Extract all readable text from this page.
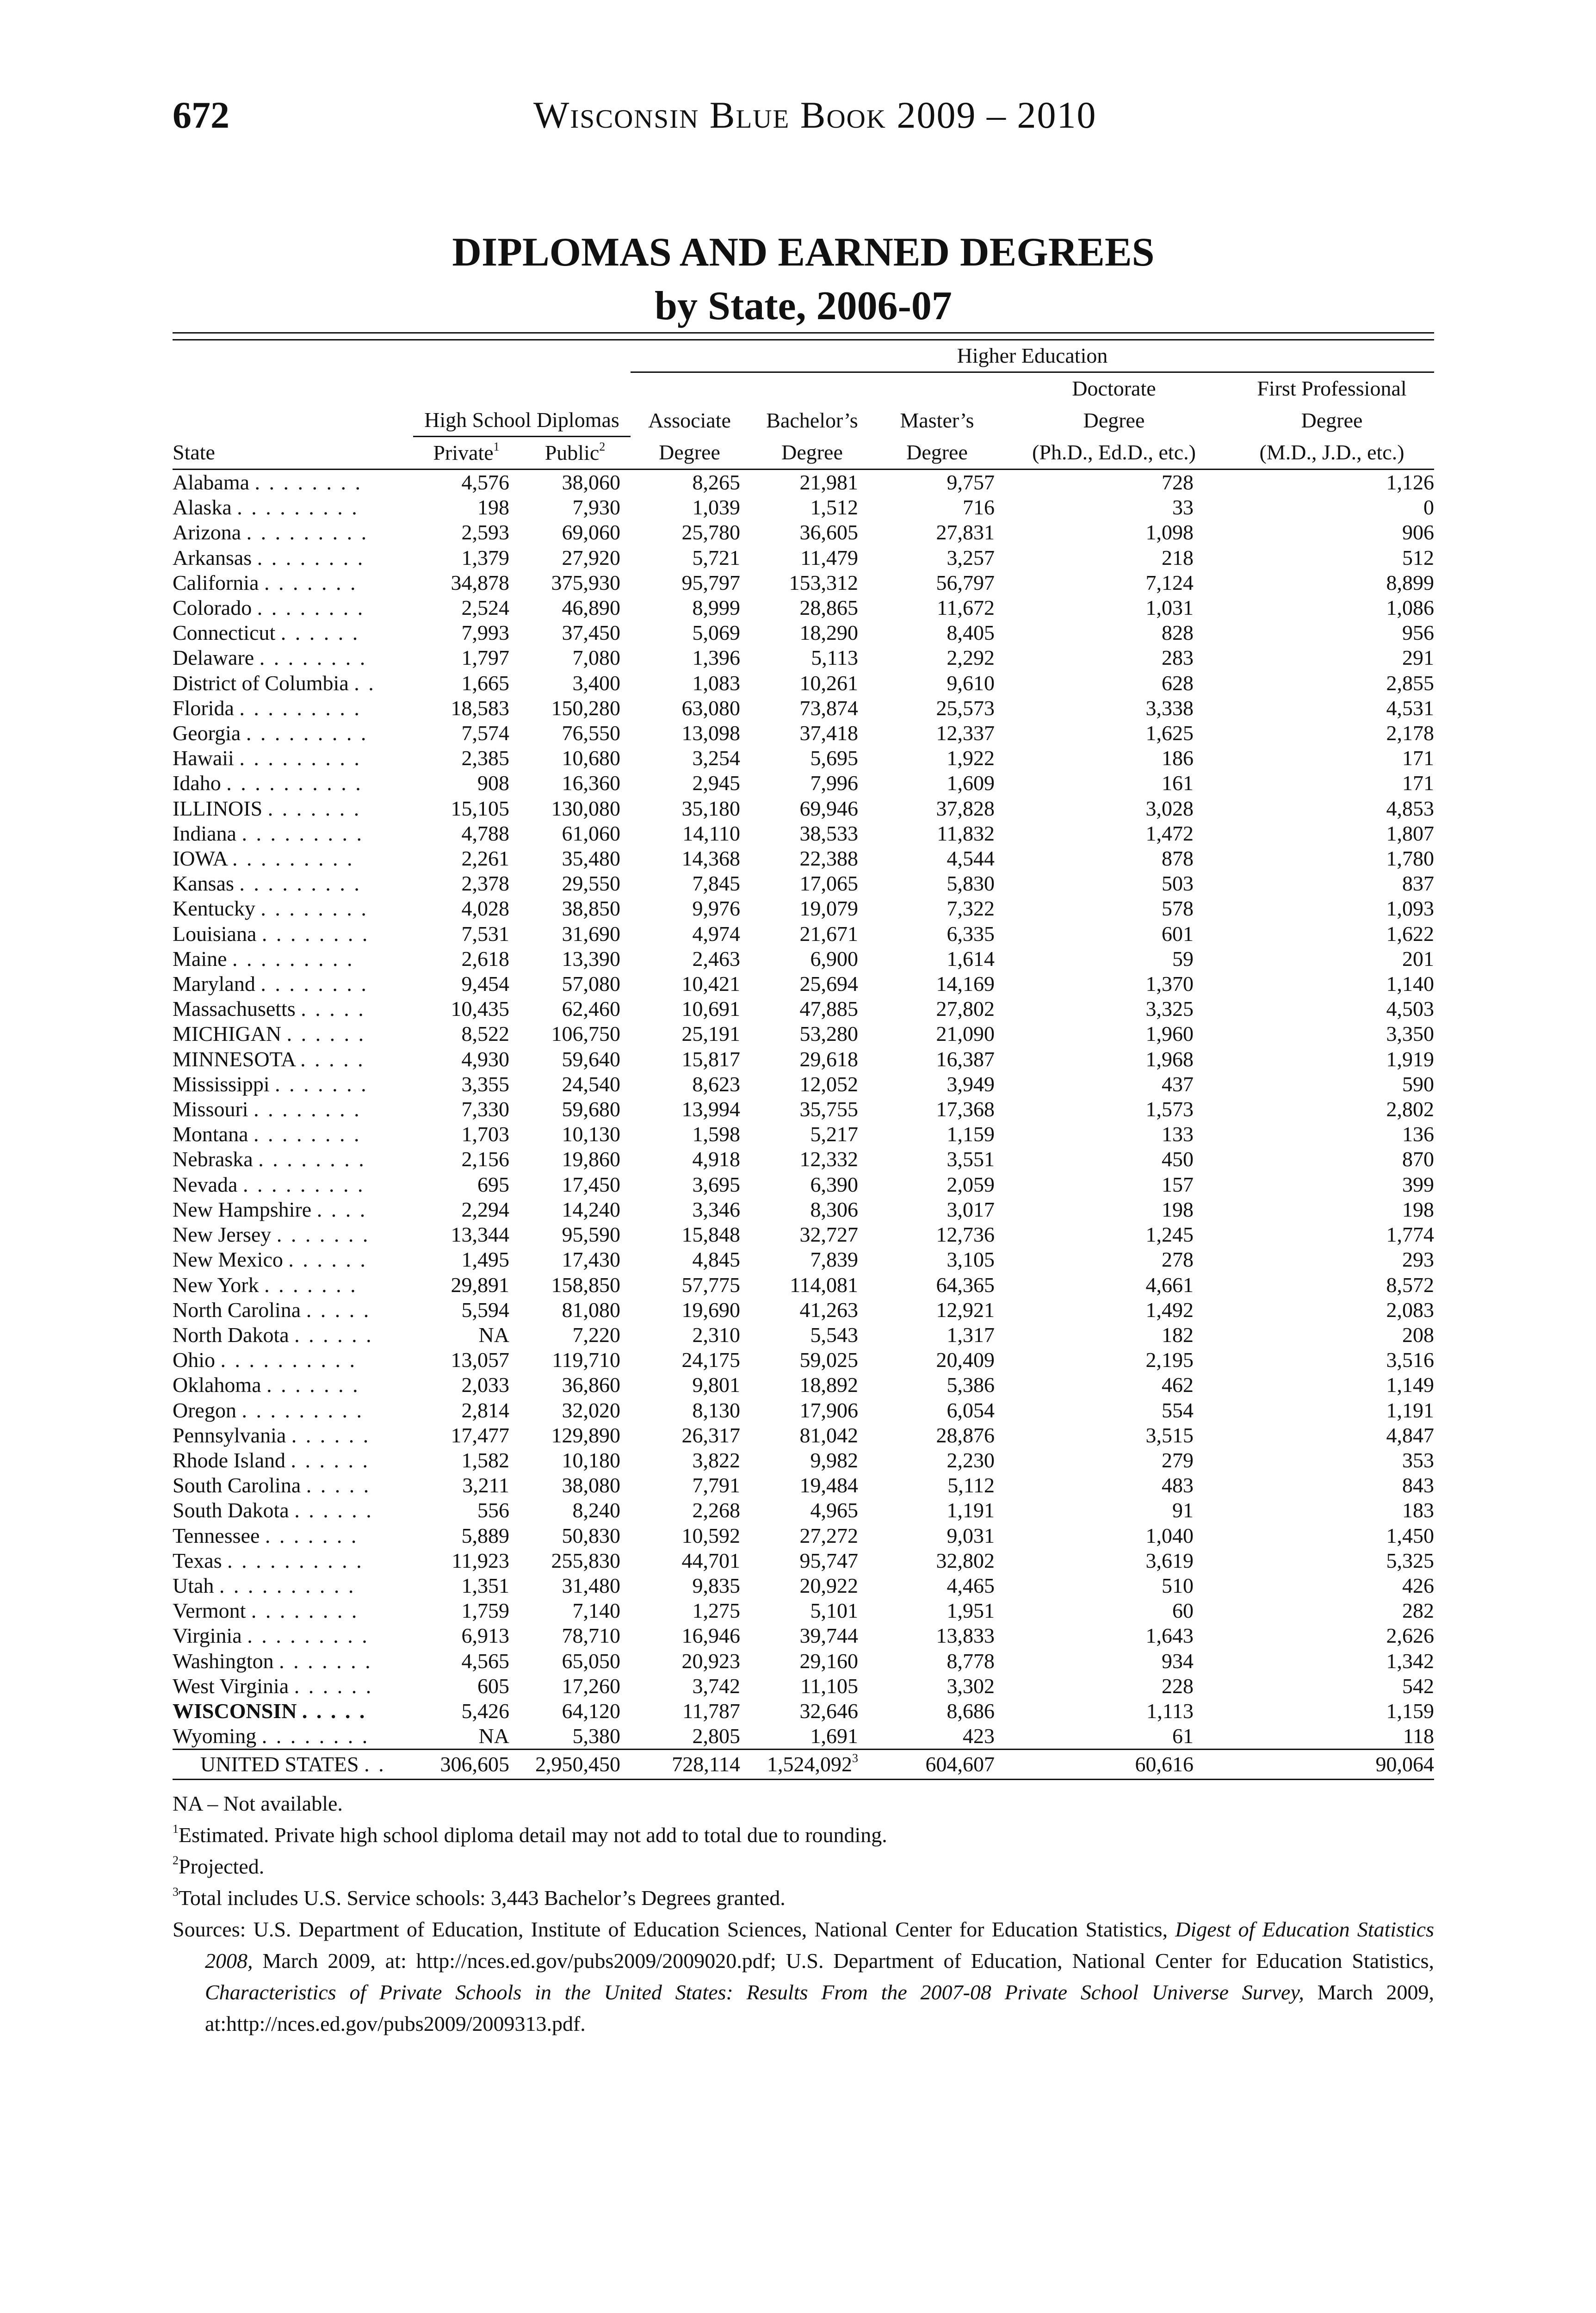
672	Wisconsin Blue Book 2009 – 2010
DIPLOMAS AND EARNED DEGREES
by State, 2006-07
			Higher Education				
						Doctorate	First Professional
	High School Diplomas		Associate	Bachelor’s	Master’s	Degree	Degree
State	Private$^1$	Public$^2$	Degree	Degree	Degree	(Ph.D., Ed.D., etc.)	(M.D., J.D., etc.)
Alabama . . . . . . . .	4,576	38,060	8,265	21,981	9,757	728	1,126
Alaska . . . . . . . . .	198	7,930	1,039	1,512	716	33	0
Arizona . . . . . . . . .	2,593	69,060	25,780	36,605	27,831	1,098	906
Arkansas . . . . . . . .	1,379	27,920	5,721	11,479	3,257	218	512
California . . . . . . .	34,878	375,930	95,797	153,312	56,797	7,124	8,899
Colorado . . . . . . . .	2,524	46,890	8,999	28,865	11,672	1,031	1,086
Connecticut . . . . . .	7,993	37,450	5,069	18,290	8,405	828	956
Delaware . . . . . . . .	1,797	7,080	1,396	5,113	2,292	283	291
District of Columbia . .	1,665	3,400	1,083	10,261	9,610	628	2,855
Florida . . . . . . . . .	18,583	150,280	63,080	73,874	25,573	3,338	4,531
Georgia . . . . . . . . .	7,574	76,550	13,098	37,418	12,337	1,625	2,178
Hawaii . . . . . . . . .	2,385	10,680	3,254	5,695	1,922	186	171
Idaho . . . . . . . . . .	908	16,360	2,945	7,996	1,609	161	171
ILLINOIS . . . . . . .	15,105	130,080	35,180	69,946	37,828	3,028	4,853
Indiana . . . . . . . . .	4,788	61,060	14,110	38,533	11,832	1,472	1,807
IOWA . . . . . . . . .	2,261	35,480	14,368	22,388	4,544	878	1,780
Kansas . . . . . . . . .	2,378	29,550	7,845	17,065	5,830	503	837
Kentucky . . . . . . . .	4,028	38,850	9,976	19,079	7,322	578	1,093
Louisiana . . . . . . . .	7,531	31,690	4,974	21,671	6,335	601	1,622
Maine . . . . . . . . .	2,618	13,390	2,463	6,900	1,614	59	201
Maryland . . . . . . . .	9,454	57,080	10,421	25,694	14,169	1,370	1,140
Massachusetts . . . . .	10,435	62,460	10,691	47,885	27,802	3,325	4,503
MICHIGAN . . . . . .	8,522	106,750	25,191	53,280	21,090	1,960	3,350
MINNESOTA . . . . .	4,930	59,640	15,817	29,618	16,387	1,968	1,919
Mississippi . . . . . . .	3,355	24,540	8,623	12,052	3,949	437	590
Missouri . . . . . . . .	7,330	59,680	13,994	35,755	17,368	1,573	2,802
Montana . . . . . . . .	1,703	10,130	1,598	5,217	1,159	133	136
Nebraska . . . . . . . .	2,156	19,860	4,918	12,332	3,551	450	870
Nevada . . . . . . . . .	695	17,450	3,695	6,390	2,059	157	399
New Hampshire . . . .	2,294	14,240	3,346	8,306	3,017	198	198
New Jersey . . . . . . .	13,344	95,590	15,848	32,727	12,736	1,245	1,774
New Mexico . . . . . .	1,495	17,430	4,845	7,839	3,105	278	293
New York . . . . . . .	29,891	158,850	57,775	114,081	64,365	4,661	8,572
North Carolina . . . . .	5,594	81,080	19,690	41,263	12,921	1,492	2,083
North Dakota . . . . . .	NA	7,220	2,310	5,543	1,317	182	208
Ohio . . . . . . . . . .	13,057	119,710	24,175	59,025	20,409	2,195	3,516
Oklahoma . . . . . . .	2,033	36,860	9,801	18,892	5,386	462	1,149
Oregon . . . . . . . . .	2,814	32,020	8,130	17,906	6,054	554	1,191
Pennsylvania . . . . . .	17,477	129,890	26,317	81,042	28,876	3,515	4,847
Rhode Island . . . . . .	1,582	10,180	3,822	9,982	2,230	279	353
South Carolina . . . . .	3,211	38,080	7,791	19,484	5,112	483	843
South Dakota . . . . . .	556	8,240	2,268	4,965	1,191	91	183
Tennessee . . . . . . .	5,889	50,830	10,592	27,272	9,031	1,040	1,450
Texas . . . . . . . . . .	11,923	255,830	44,701	95,747	32,802	3,619	5,325
Utah . . . . . . . . . .	1,351	31,480	9,835	20,922	4,465	510	426
Vermont . . . . . . . .	1,759	7,140	1,275	5,101	1,951	60	282
Virginia . . . . . . . . .	6,913	78,710	16,946	39,744	13,833	1,643	2,626
Washington . . . . . . .	4,565	65,050	20,923	29,160	8,778	934	1,342
West Virginia . . . . . .	605	17,260	3,742	11,105	3,302	228	542
WISCONSIN . . . . .	5,426	64,120	11,787	32,646	8,686	1,113	1,159
Wyoming . . . . . . . .	NA	5,380	2,805	1,691	423	61	118
UNITED STATES . .	306,605	2,950,450	728,114	1,524,092$^3$	604,607	60,616	90,064

NA – Not available.

$^1$Estimated. Private high school diploma detail may not add to total due to rounding.

$^2$Projected.

$^3$Total includes U.S. Service schools: 3,443 Bachelor’s Degrees granted.

Sources: U.S. Department of Education, Institute of Education Sciences, National Center for Education Statistics, Digest of Education Statistics 2008, March 2009, at: http://nces.ed.gov/pubs2009/2009020.pdf; U.S. Department of Education, National Center for Education Statistics, Characteristics of Private Schools in the United States: Results From the 2007-08 Private School Universe Survey, March 2009, at:http://nces.ed.gov/pubs2009/2009313.pdf.
